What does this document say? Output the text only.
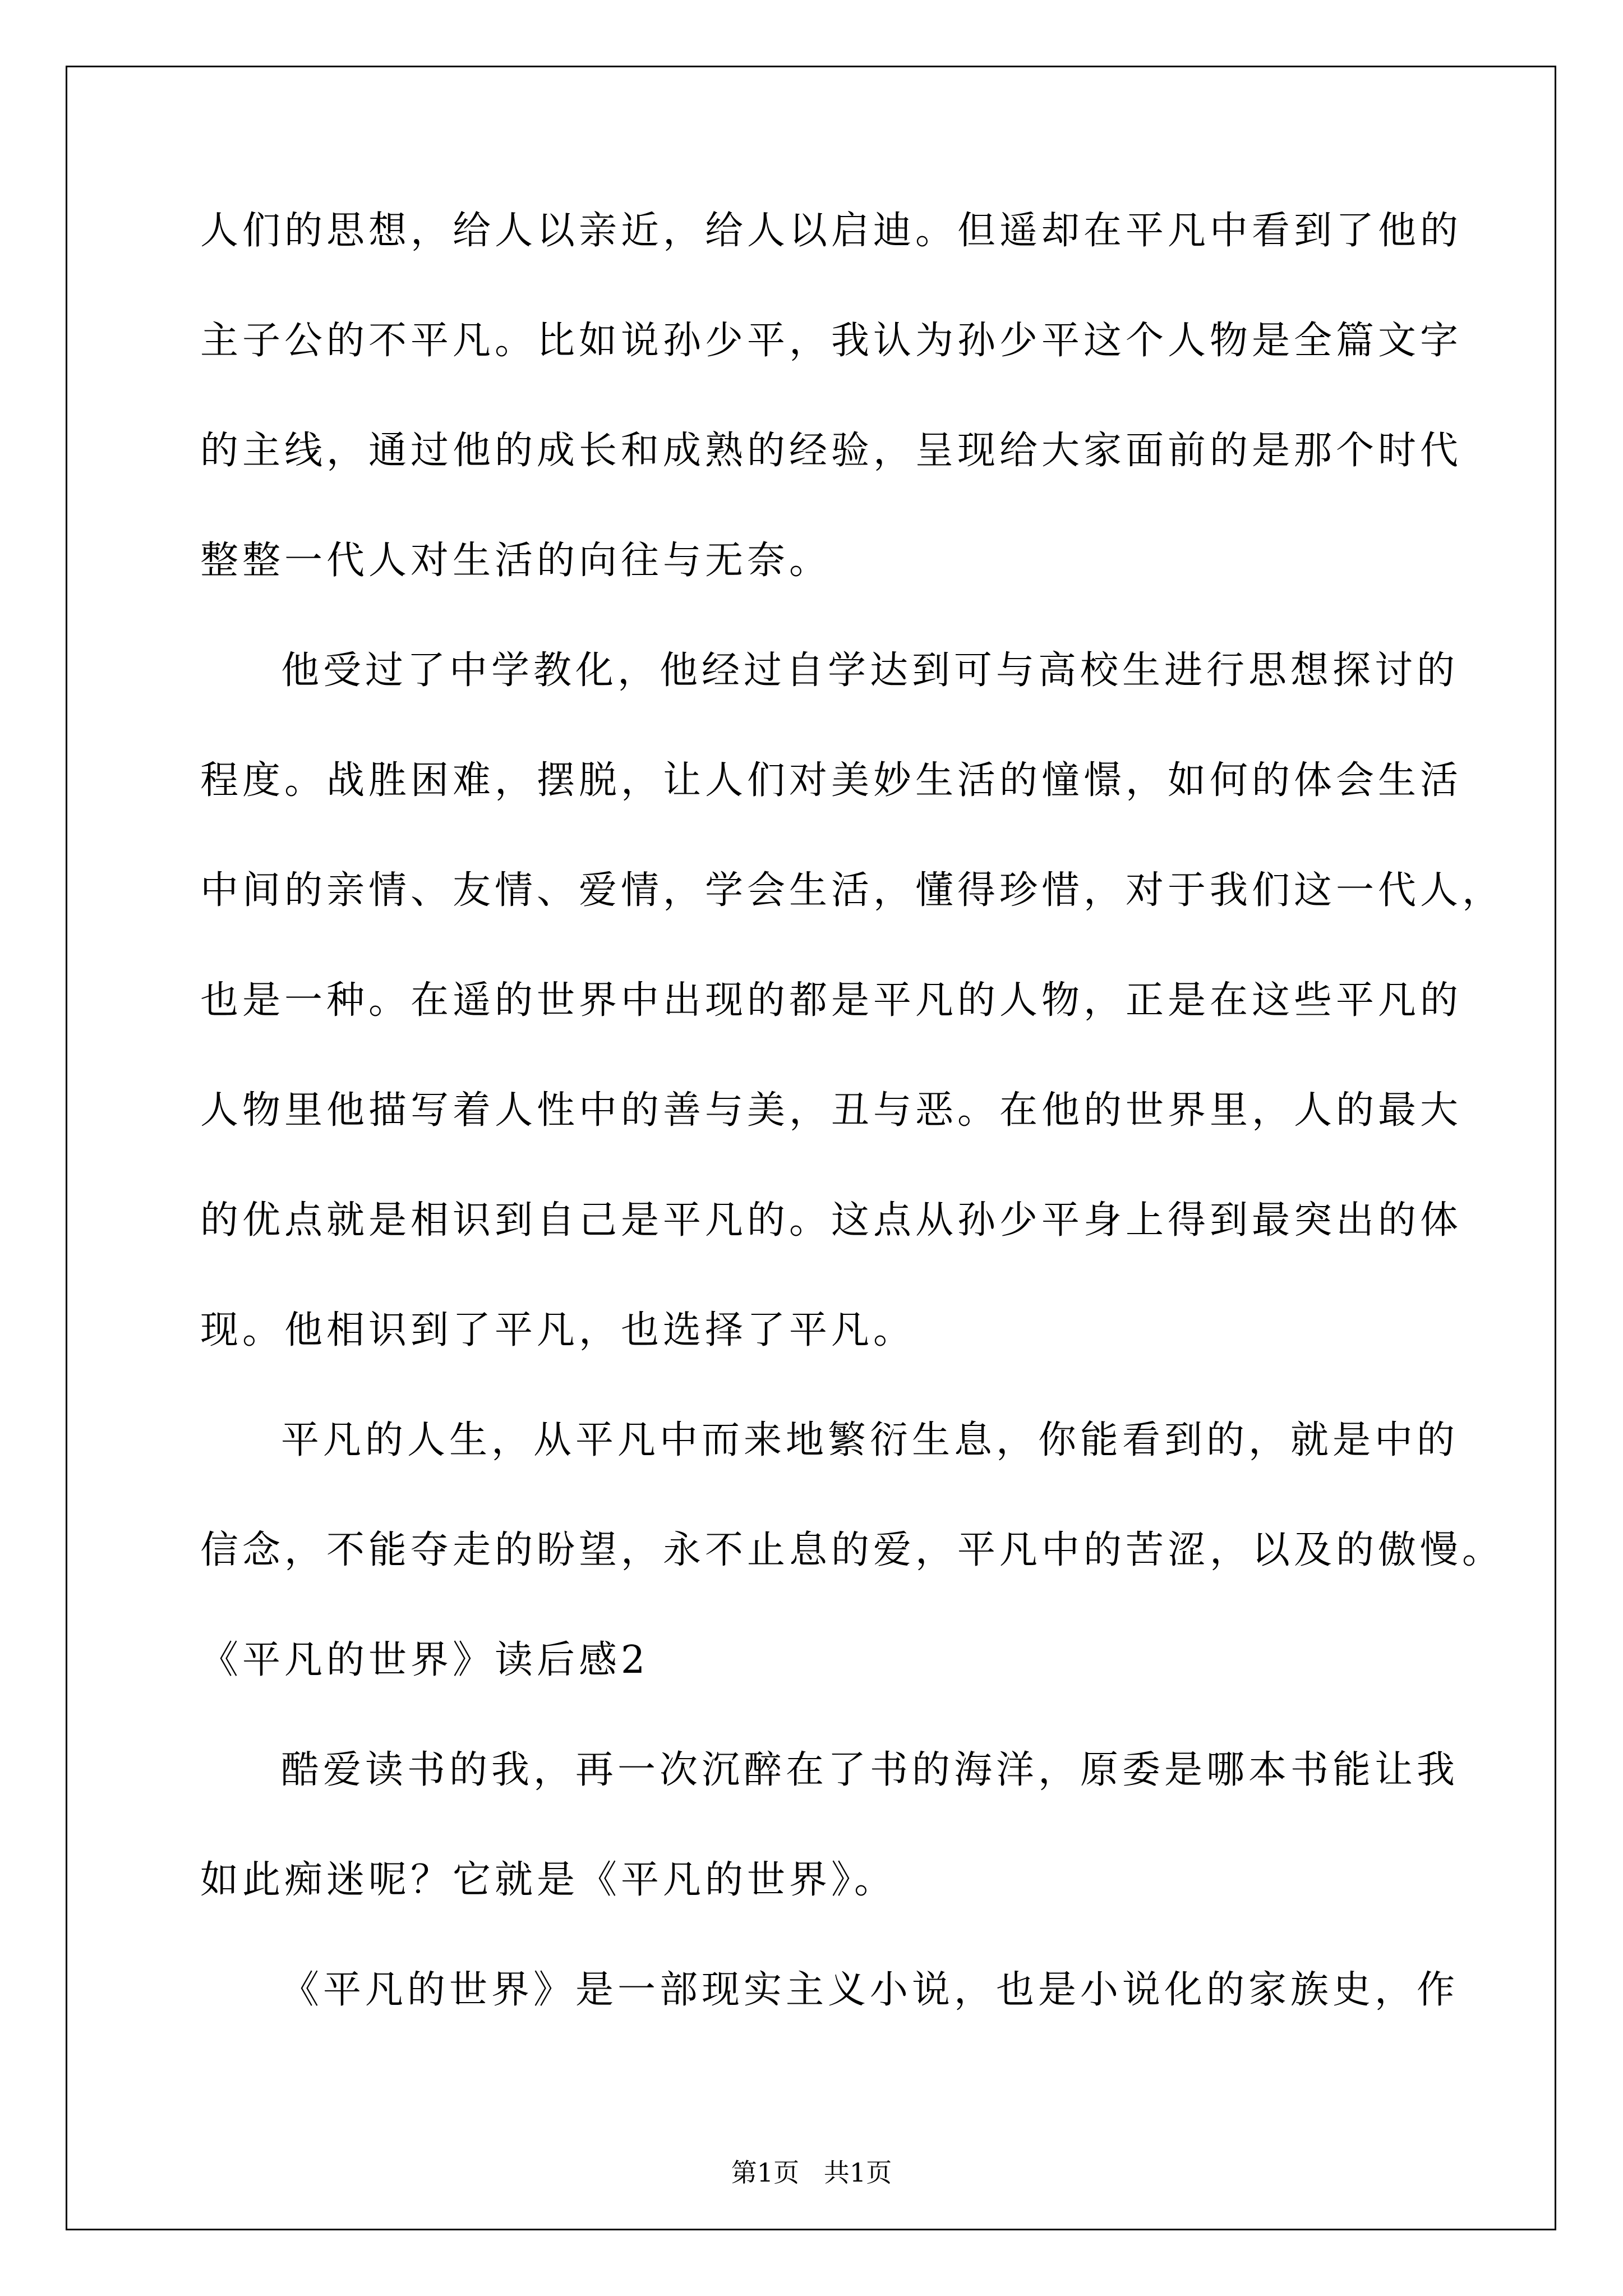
人们的思想，给人以亲近，给人以启迪。但遥却在平凡中看到了他的
主子公的不平凡。比如说孙少平，我认为孙少平这个人物是全篇文字
的主线，通过他的成长和成熟的经验，呈现给大家面前的是那个时代
整整一代人对生活的向往与无奈。
他受过了中学教化，他经过自学达到可与高校生进行思想探讨的
程度。战胜困难，摆脱，让人们对美妙生活的憧憬，如何的体会生活
中间的亲情、友情、爱情，学会生活，懂得珍惜，对于我们这一代人，
也是一种。在遥的世界中出现的都是平凡的人物，正是在这些平凡的
人物里他描写着人性中的善与美，丑与恶。在他的世界里，人的最大
的优点就是相识到自己是平凡的。这点从孙少平身上得到最突出的体
现。他相识到了平凡，也选择了平凡。
平凡的人生，从平凡中而来地繁衍生息，你能看到的，就是中的
信念，不能夺走的盼望，永不止息的爱，平凡中的苦涩，以及的傲慢。
《平凡的世界》读后感2
酷爱读书的我，再一次沉醉在了书的海洋，原委是哪本书能让我
如此痴迷呢？它就是《平凡的世界》。
《平凡的世界》是一部现实主义小说，也是小说化的家族史，作
第1页   共1页
